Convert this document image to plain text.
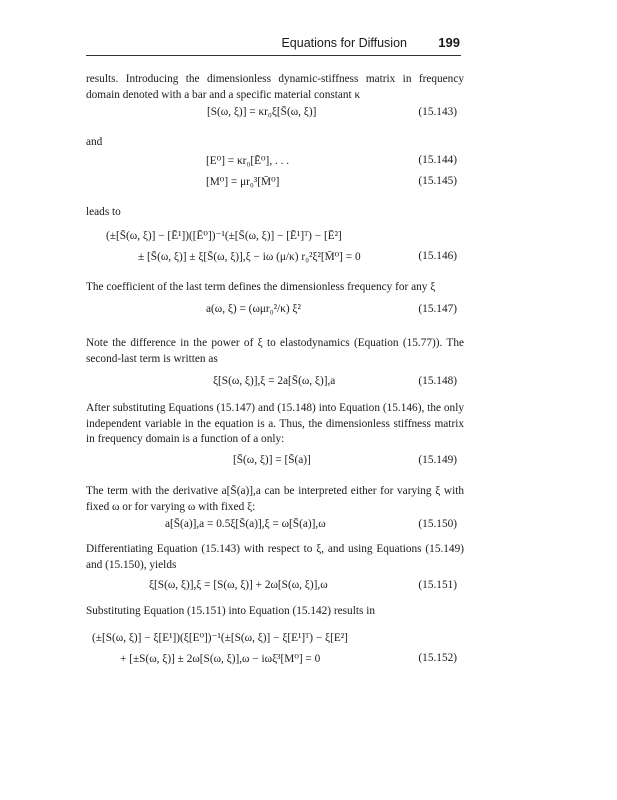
Equations for Diffusion	199
results. Introducing the dimensionless dynamic-stiffness matrix in frequency domain denoted with a bar and a specific material constant κ
[S(ω, ξ)] = κr₀ξ[S̄(ω, ξ)]	(15.143)
and
[E⁰] = κr₀[Ē⁰], . . .	(15.144)
[M⁰] = μr₀³[M̄⁰]	(15.145)
leads to
(±[S̄(ω, ξ)] − [Ē¹])([Ē⁰])⁻¹(±[S̄(ω, ξ)] − [Ē¹]ᵀ) − [Ē²]
± [S̄(ω, ξ)] ± ξ[S̄(ω, ξ)],ξ − iω (μ/κ) r₀²ξ²[M̄⁰] = 0	(15.146)
The coefficient of the last term defines the dimensionless frequency for any ξ
a(ω, ξ) = (ωμr₀²/κ) ξ²	(15.147)
Note the difference in the power of ξ to elastodynamics (Equation (15.77)). The second-last term is written as
ξ[S(ω, ξ)],ξ = 2a[S̄(ω, ξ)],a	(15.148)
After substituting Equations (15.147) and (15.148) into Equation (15.146), the only independent variable in the equation is a. Thus, the dimensionless stiffness matrix in frequency domain is a function of a only:
[S̄(ω, ξ)] = [S̄(a)]	(15.149)
The term with the derivative a[S̄(a)],a can be interpreted either for varying ξ with fixed ω or for varying ω with fixed ξ:
a[S̄(a)],a = 0.5ξ[S̄(a)],ξ = ω[S̄(a)],ω	(15.150)
Differentiating Equation (15.143) with respect to ξ, and using Equations (15.149) and (15.150), yields
ξ[S(ω, ξ)],ξ = [S(ω, ξ)] + 2ω[S(ω, ξ)],ω	(15.151)
Substituting Equation (15.151) into Equation (15.142) results in
(±[S(ω, ξ)] − ξ[E¹])(ξ[E⁰])⁻¹(±[S(ω, ξ)] − ξ[E¹]ᵀ) − ξ[E²]
+ [±S(ω, ξ)] ± 2ω[S(ω, ξ)],ω − iωξ³[M⁰] = 0	(15.152)
